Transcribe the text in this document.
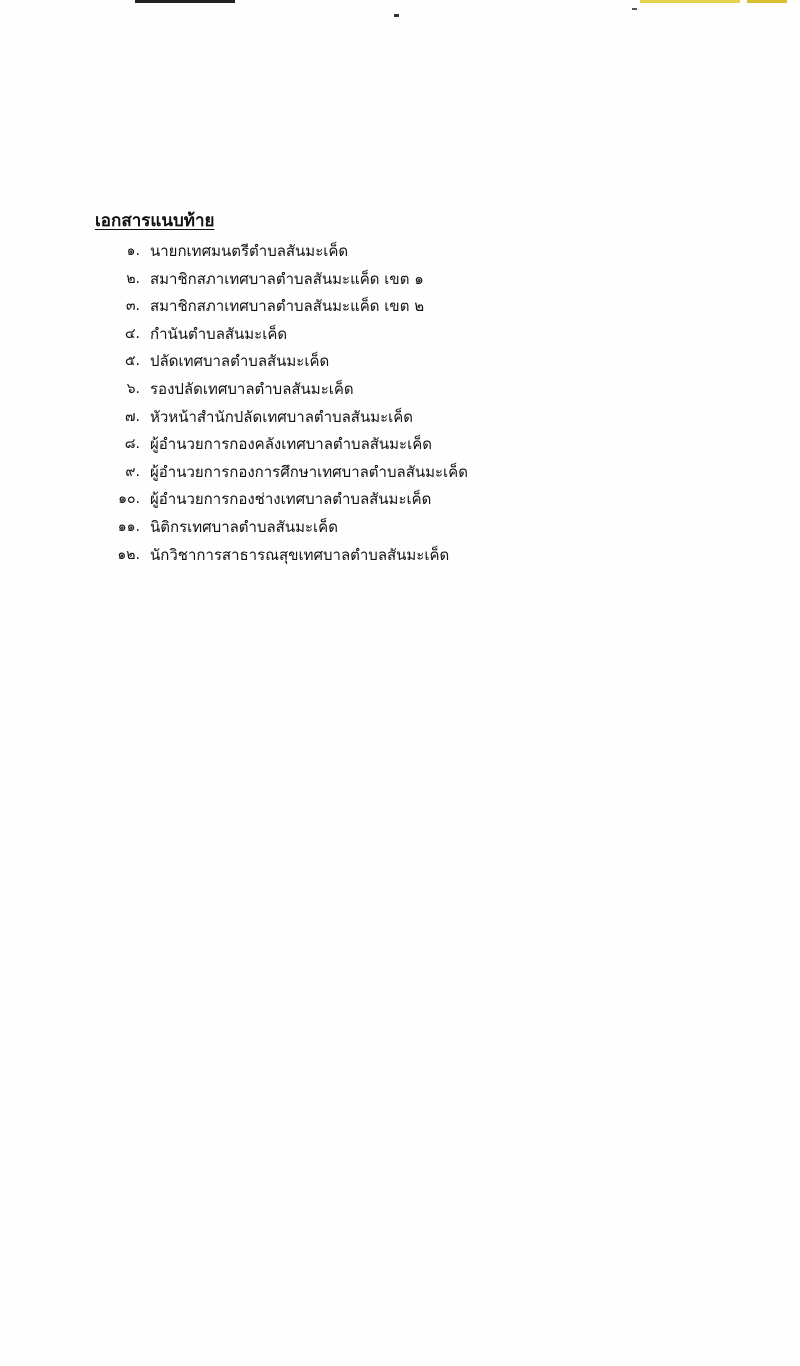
เอกสารแนบท้าย
๑. นายกเทศมนตรีตำบลสันมะเค็ด
๒. สมาชิกสภาเทศบาลตำบลสันมะแค็ด เขต ๑
๓. สมาชิกสภาเทศบาลตำบลสันมะแค็ด เขต ๒
๔. กำนันตำบลสันมะเค็ด
๕. ปลัดเทศบาลตำบลสันมะเค็ด
๖. รองปลัดเทศบาลตำบลสันมะเค็ด
๗. หัวหน้าสำนักปลัดเทศบาลตำบลสันมะเค็ด
๘. ผู้อำนวยการกองคลังเทศบาลตำบลสันมะเค็ด
๙. ผู้อำนวยการกองการศึกษาเทศบาลตำบลสันมะเค็ด
๑๐. ผู้อำนวยการกองช่างเทศบาลตำบลสันมะเค็ด
๑๑. นิติกรเทศบาลตำบลสันมะเค็ด
๑๒. นักวิชาการสาธารณสุขเทศบาลตำบลสันมะเค็ด
